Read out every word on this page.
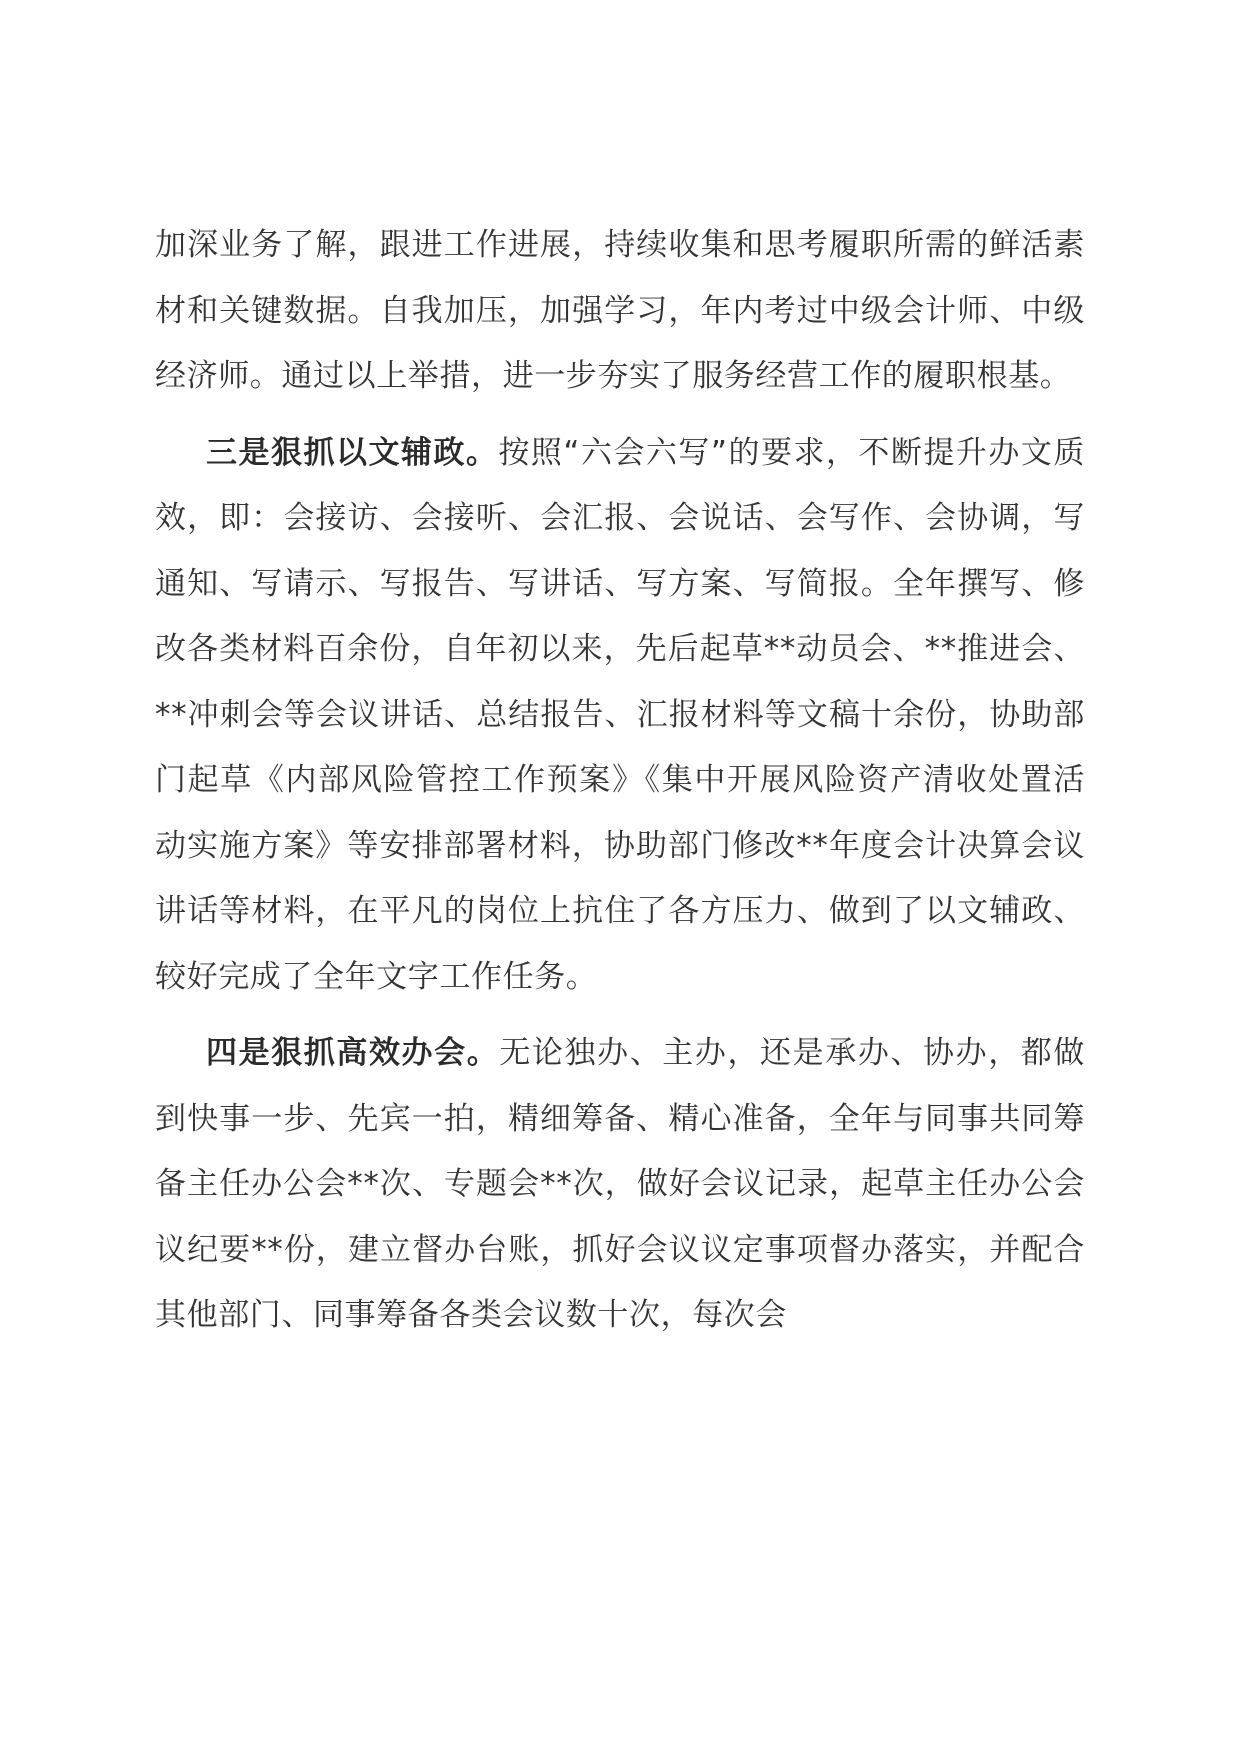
加深业务了解，跟进工作进展，持续收集和思考履职所需的鲜活素材和关键数据。自我加压，加强学习，年内考过中级会计师、中级经济师。通过以上举措，进一步夯实了服务经营工作的履职根基。

三是狠抓以文辅政。按照“六会六写”的要求，不断提升办文质效，即：会接访、会接听、会汇报、会说话、会写作、会协调，写通知、写请示、写报告、写讲话、写方案、写简报。全年撰写、修改各类材料百余份，自年初以来，先后起草**动员会、**推进会、**冲刺会等会议讲话、总结报告、汇报材料等文稿十余份，协助部门起草《内部风险管控工作预案》《集中开展风险资产清收处置活动实施方案》等安排部署材料，协助部门修改**年度会计决算会议讲话等材料，在平凡的岗位上抗住了各方压力、做到了以文辅政、较好完成了全年文字工作任务。

四是狠抓高效办会。无论独办、主办，还是承办、协办，都做到快事一步、先宾一拍，精细筹备、精心准备，全年与同事共同筹备主任办公会**次、专题会**次，做好会议记录，起草主任办公会议纪要**份，建立督办台账，抓好会议议定事项督办落实，并配合其他部门、同事筹备各类会议数十次，每次会
